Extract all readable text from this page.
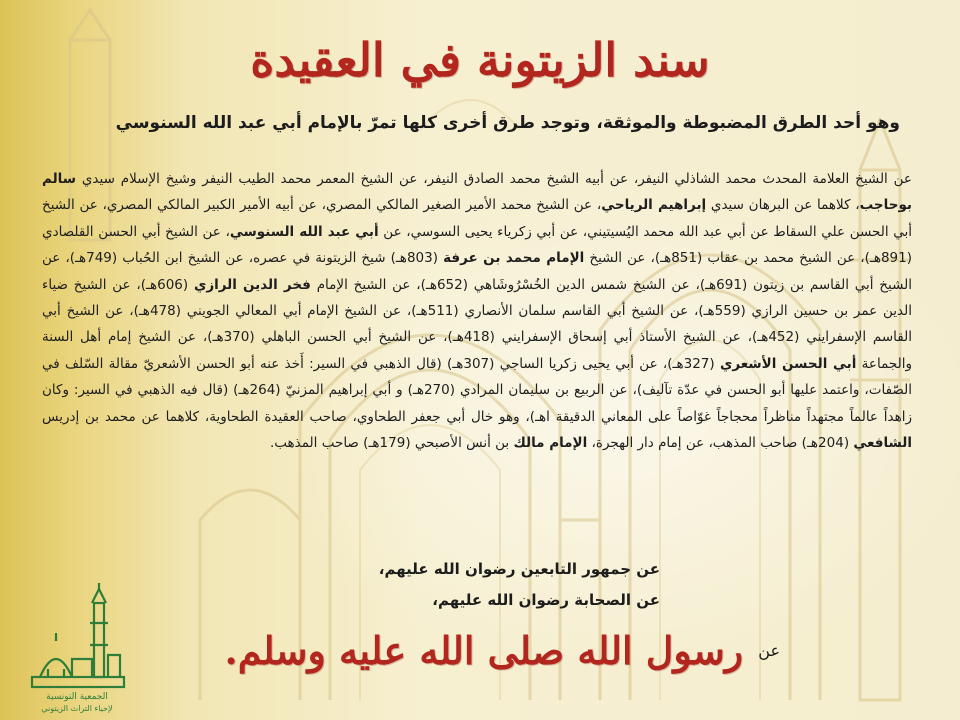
سند الزيتونة في العقيدة
وهو أحد الطرق المضبوطة والموثقة، وتوجد طرق أخرى كلها تمرّ بالإمام أبي عبد الله السنوسي
عن الشيخ العلامة المحدث محمد الشاذلي النيفر، عن أبيه الشيخ محمد الصادق النيفر، عن الشيخ المعمر محمد الطيب النيفر وشيخ الإسلام سيدي سالم بوحاجب، كلاهما عن البرهان سيدي إبراهيم الرياحي، عن الشيخ محمد الأمير الصغير المالكي المصري، عن أبيه الأمير الكبير المالكي المصري، عن الشيخ أبي الحسن علي السقاط عن أبي عبد الله محمد اليُسيتيني، عن أبي زكرياء يحيى السوسي، عن أبي عبد الله السنوسي، عن الشيخ أبي الحسن القلصادي (891هـ)، عن الشيخ محمد بن عقاب (851هـ)، عن الشيخ الإمام محمد بن عرفة (803هـ) شيخ الزيتونة في عصره، عن الشيخ ابن الحُباب (749هـ)، عن الشيخ أبي القاسم بن زيتون (691هـ)، عن الشيخ شمس الدين الخُسْرُوشَاهي (652هـ)، عن الشيخ الإمام فخر الدين الرازي (606هـ)، عن الشيخ ضياء الدين عمر بن حسين الرازي (559هـ)، عن الشيخ أبي القاسم سلمان الأنصاري (511هـ)، عن الشيخ الإمام أبي المعالي الجويني (478هـ)، عن الشيخ أبي القاسم الإسفرايني (452هـ)، عن الشيخ الأستاذ أبي إسحاق الإسفرايني (418هـ)، عن الشيخ أبي الحسن الباهلي (370هـ)، عن الشيخ إمام أهل السنة والجماعة أبي الحسن الأشعري (327هـ)، عن أبي يحيى زكريا الساجي (307هـ) (قال الذهبي في السير: أَخذ عنه أبو الحسن الأشعريّ مقالة السّلف في الصّفات، واعتمد عليها أبو الحسن في عدّة تآليف)، عن الربيع بن سليمان المرادي (270هـ) و أبي إبراهيم المزنيّ (264هـ) (قال فيه الذهبي في السير: وكان زاهداً عالماً مجتهداً مناظراً محجاجاً غوّاصاً على المعاني الدقيقة اهـ)، وهو خال أبي جعفر الطحاوي، صاحب العقيدة الطحاوية، كلاهما عن محمد بن إدريس الشافعي (204هـ) صاحب المذهب، عن إمام دار الهجرة، الإمام مالك بن أنس الأصبحي (179هـ) صاحب المذهب.
عن جمهور التابعين رضوان الله عليهم،
عن الصحابة رضوان الله عليهم،
عن رسول الله صلى الله عليه وسلم.
الجمعية التونسية
لإحياء التراث الزيتوني
